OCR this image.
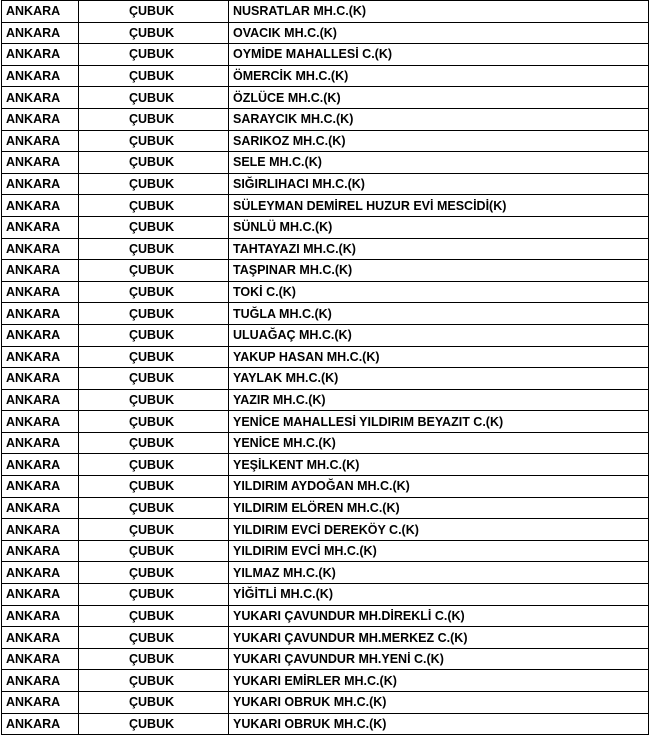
ANKARA	ÇUBUK	NUSRATLAR MH.C.(K)
ANKARA	ÇUBUK	OVACIK MH.C.(K)
ANKARA	ÇUBUK	OYMİDE MAHALLESİ C.(K)
ANKARA	ÇUBUK	ÖMERCİK MH.C.(K)
ANKARA	ÇUBUK	ÖZLÜCE MH.C.(K)
ANKARA	ÇUBUK	SARAYCIK MH.C.(K)
ANKARA	ÇUBUK	SARIKOZ MH.C.(K)
ANKARA	ÇUBUK	SELE MH.C.(K)
ANKARA	ÇUBUK	SIĞIRLIHACI MH.C.(K)
ANKARA	ÇUBUK	SÜLEYMAN DEMİREL HUZUR EVİ MESCİDİ(K)
ANKARA	ÇUBUK	SÜNLÜ MH.C.(K)
ANKARA	ÇUBUK	TAHTAYAZI MH.C.(K)
ANKARA	ÇUBUK	TAŞPINAR MH.C.(K)
ANKARA	ÇUBUK	TOKİ C.(K)
ANKARA	ÇUBUK	TUĞLA MH.C.(K)
ANKARA	ÇUBUK	ULUAĞAÇ MH.C.(K)
ANKARA	ÇUBUK	YAKUP HASAN MH.C.(K)
ANKARA	ÇUBUK	YAYLAK MH.C.(K)
ANKARA	ÇUBUK	YAZIR MH.C.(K)
ANKARA	ÇUBUK	YENİCE MAHALLESİ YILDIRIM BEYAZIT C.(K)
ANKARA	ÇUBUK	YENİCE MH.C.(K)
ANKARA	ÇUBUK	YEŞİLKENT MH.C.(K)
ANKARA	ÇUBUK	YILDIRIM AYDOĞAN MH.C.(K)
ANKARA	ÇUBUK	YILDIRIM ELÖREN MH.C.(K)
ANKARA	ÇUBUK	YILDIRIM EVCİ DEREKÖY C.(K)
ANKARA	ÇUBUK	YILDIRIM EVCİ MH.C.(K)
ANKARA	ÇUBUK	YILMAZ MH.C.(K)
ANKARA	ÇUBUK	YİĞİTLİ MH.C.(K)
ANKARA	ÇUBUK	YUKARI ÇAVUNDUR MH.DİREKLİ C.(K)
ANKARA	ÇUBUK	YUKARI ÇAVUNDUR MH.MERKEZ C.(K)
ANKARA	ÇUBUK	YUKARI ÇAVUNDUR MH.YENİ C.(K)
ANKARA	ÇUBUK	YUKARI EMİRLER MH.C.(K)
ANKARA	ÇUBUK	YUKARI OBRUK MH.C.(K)
ANKARA	ÇUBUK	YUKARI OBRUK MH.C.(K)
